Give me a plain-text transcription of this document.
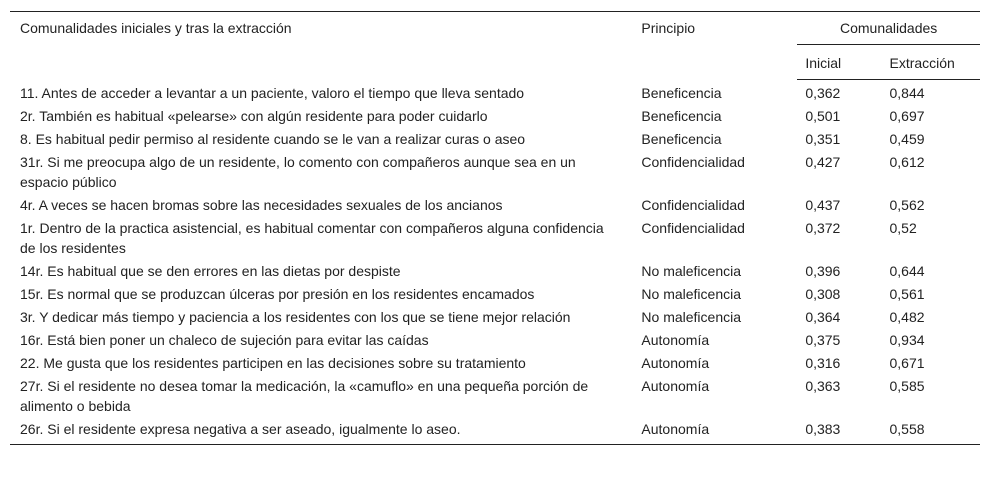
Comunalidades iniciales y tras la extracción	Principio	Comunalidades	
		Inicial	Extracción
11. Antes de acceder a levantar a un paciente, valoro el tiempo que lleva sentado	Beneficencia	0,362	0,844
2r. También es habitual «pelearse» con algún residente para poder cuidarlo	Beneficencia	0,501	0,697
8. Es habitual pedir permiso al residente cuando se le van a realizar curas o aseo	Beneficencia	0,351	0,459
31r. Si me preocupa algo de un residente, lo comento con compañeros aunque sea en un espacio público	Confidencialidad	0,427	0,612
4r. A veces se hacen bromas sobre las necesidades sexuales de los ancianos	Confidencialidad	0,437	0,562
1r. Dentro de la practica asistencial, es habitual comentar con compañeros alguna confidencia de los residentes	Confidencialidad	0,372	0,52
14r. Es habitual que se den errores en las dietas por despiste	No maleficencia	0,396	0,644
15r. Es normal que se produzcan úlceras por presión en los residentes encamados	No maleficencia	0,308	0,561
3r. Y dedicar más tiempo y paciencia a los residentes con los que se tiene mejor relación	No maleficencia	0,364	0,482
16r. Está bien poner un chaleco de sujeción para evitar las caídas	Autonomía	0,375	0,934
22. Me gusta que los residentes participen en las decisiones sobre su tratamiento	Autonomía	0,316	0,671
27r. Si el residente no desea tomar la medicación, la «camuflo» en una pequeña porción de alimento o bebida	Autonomía	0,363	0,585
26r. Si el residente expresa negativa a ser aseado, igualmente lo aseo.	Autonomía	0,383	0,558
